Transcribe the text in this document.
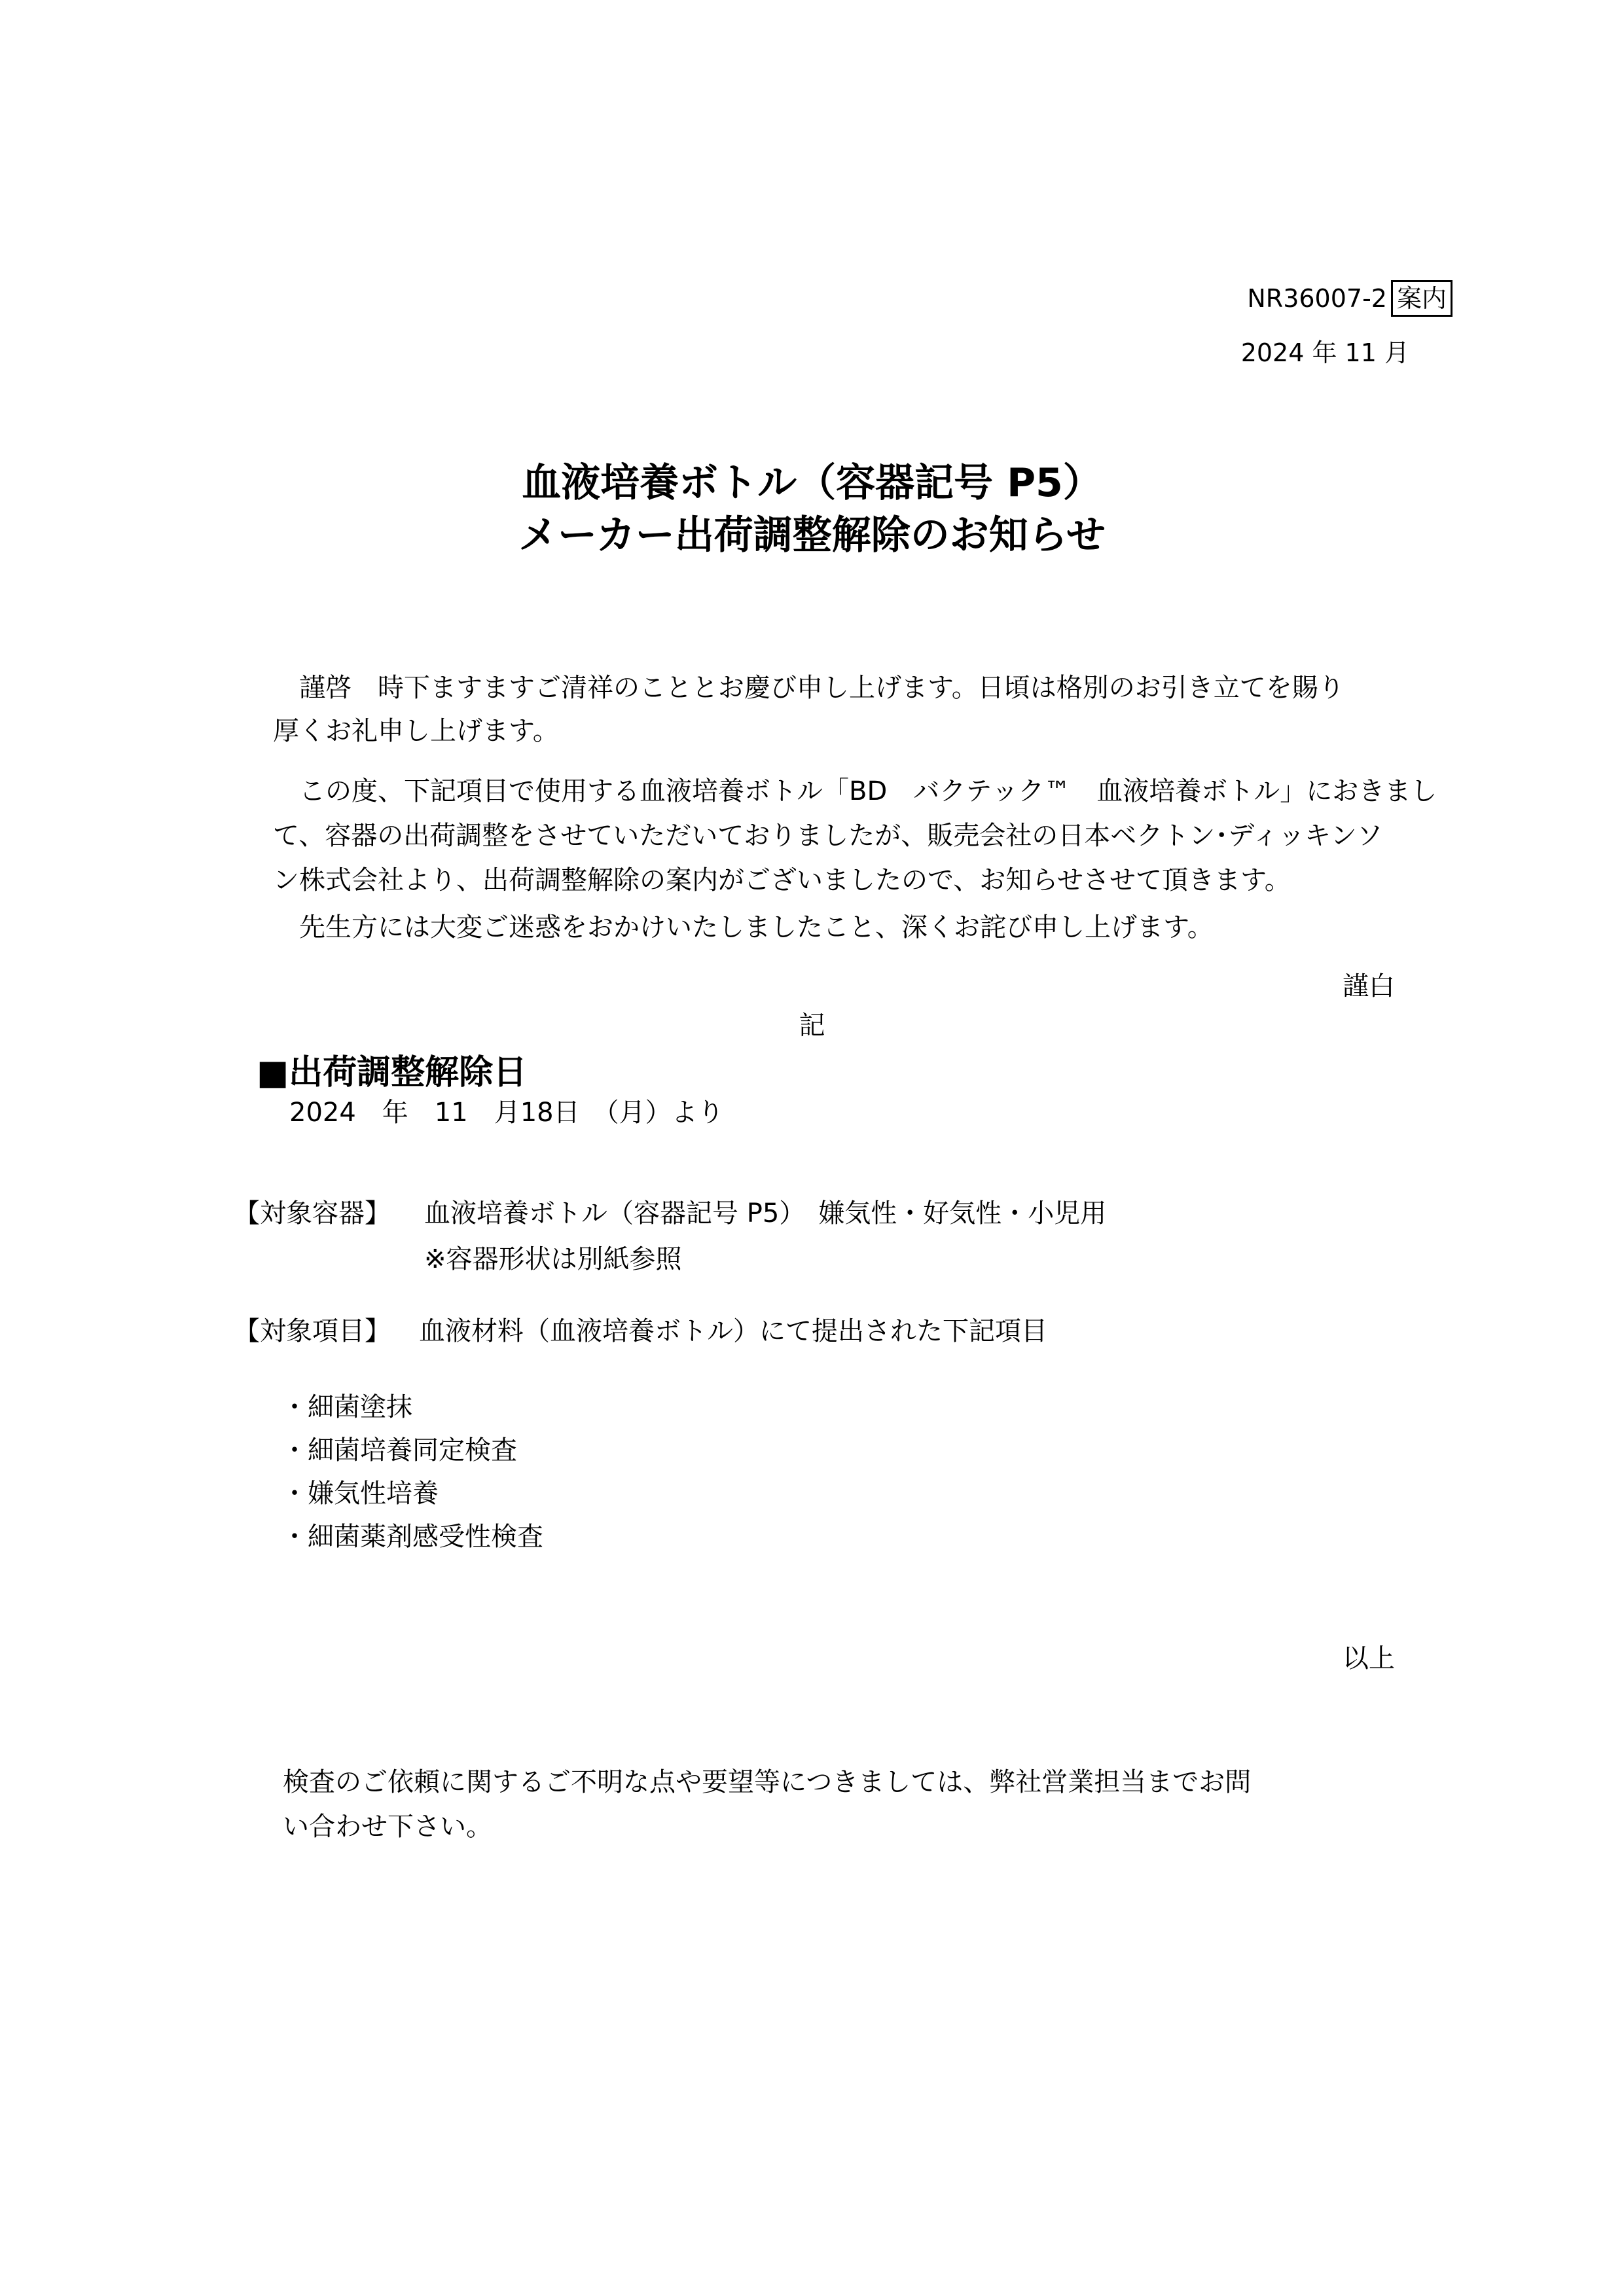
NR36007-2 案内
2024 年 11 月
血液培養ボトル（容器記号 P5）
メーカー出荷調整解除のお知らせ
　謹啓　時下ますますご清祥のこととお慶び申し上げます。日頃は格別のお引き立てを賜り
厚くお礼申し上げます。
　この度、下記項目で使用する血液培養ボトル「BD　バクテック™　血液培養ボトル」におきまし
て、容器の出荷調整をさせていただいておりましたが、販売会社の日本ベクトン･ディッキンソ
ン株式会社より、出荷調整解除の案内がございましたので、お知らせさせて頂きます。
　先生方には大変ご迷惑をおかけいたしましたこと、深くお詫び申し上げます。
謹白
記
■出荷調整解除日
2024　年　11　月18日　（月）より
【対象容器】 血液培養ボトル（容器記号 P5）　嫌気性・好気性・小児用
※容器形状は別紙参照
【対象項目】 血液材料（血液培養ボトル）にて提出された下記項目
・細菌塗抹
・細菌培養同定検査
・嫌気性培養
・細菌薬剤感受性検査
以上
検査のご依頼に関するご不明な点や要望等につきましては、弊社営業担当までお問
い合わせ下さい。
